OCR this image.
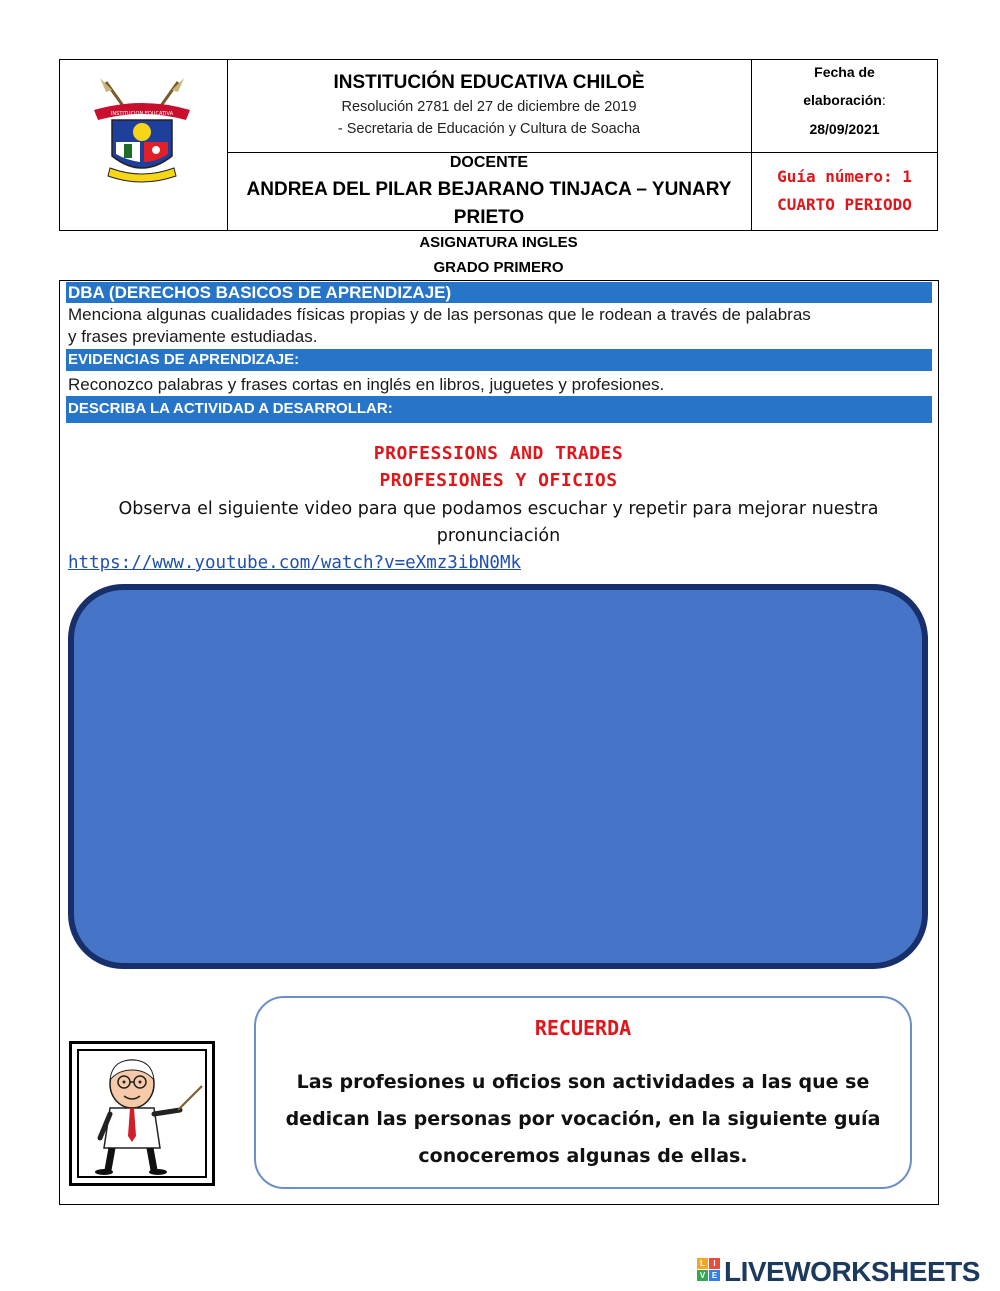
INSTITUCION EDUCATIVA
INSTITUCIÓN EDUCATIVA CHILOÈ
Resolución 2781 del 27 de diciembre de 2019
- Secretaria de Educación y Cultura de Soacha
Fecha de
elaboración:
28/09/2021
DOCENTE
ANDREA DEL PILAR BEJARANO TINJACA – YUNARY
PRIETO
Guía número: 1
CUARTO PERIODO
ASIGNATURA INGLES
GRADO PRIMERO
DBA (DERECHOS BASICOS DE APRENDIZAJE)
Menciona algunas cualidades físicas propias y de las personas que le rodean a través de palabras
y frases previamente estudiadas.
EVIDENCIAS DE APRENDIZAJE:
Reconozco palabras y frases cortas en inglés en libros, juguetes y profesiones.
DESCRIBA LA ACTIVIDAD A DESARROLLAR:
PROFESSIONS AND TRADES
PROFESIONES Y OFICIOS
Observa el siguiente video para que podamos escuchar y repetir para mejorar nuestra
pronunciación
https://www.youtube.com/watch?v=eXmz3ibN0Mk
RECUERDA
Las profesiones u oficios son actividades a las que se
dedican las personas por vocación, en la siguiente guía
conoceremos algunas de ellas.
L	I
V E LIVEWORKSHEETS
